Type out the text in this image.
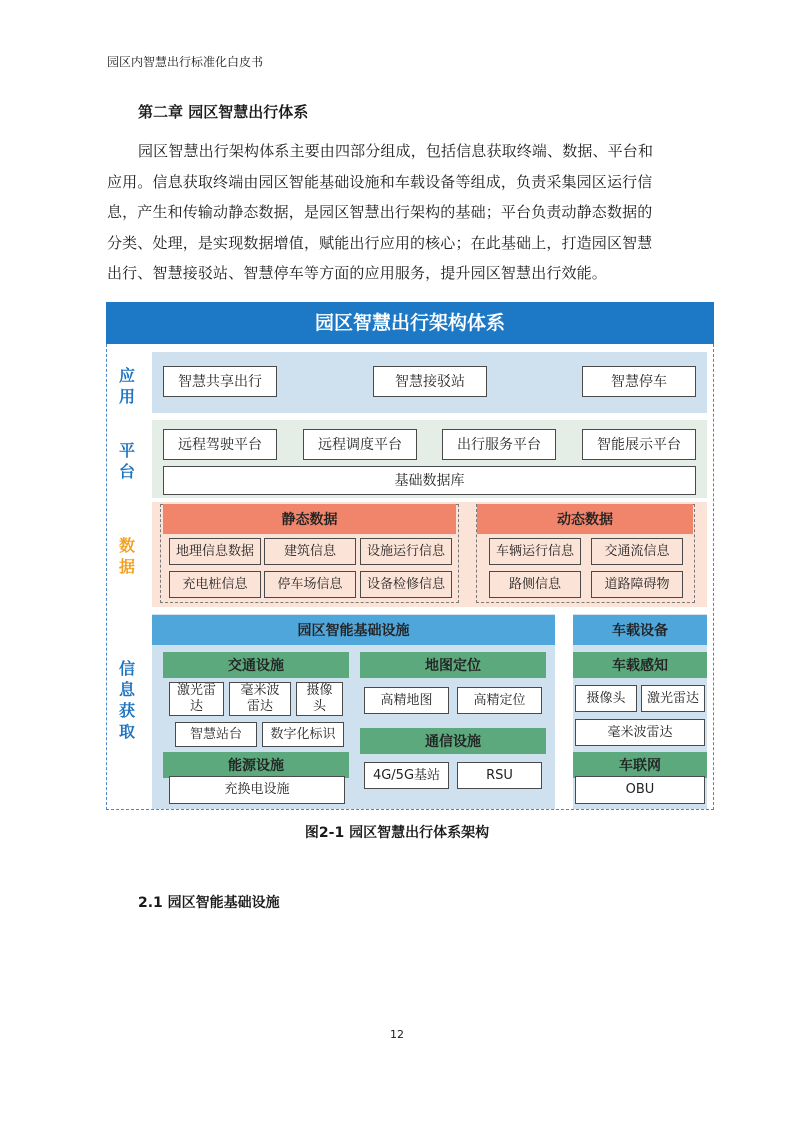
园区内智慧出行标准化白皮书
第二章 园区智慧出行体系
园区智慧出行架构体系主要由四部分组成，包括信息获取终端、数据、平台和
应用。信息获取终端由园区智能基础设施和车载设备等组成，负责采集园区运行信
息，产生和传输动静态数据，是园区智慧出行架构的基础；平台负责动静态数据的
分类、处理，是实现数据增值，赋能出行应用的核心；在此基础上，打造园区智慧
出行、智慧接驳站、智慧停车等方面的应用服务，提升园区智慧出行效能。
园区智慧出行架构体系
应
用
智慧共享出行	智慧接驳站	智慧停车
平
台
远程驾驶平台	远程调度平台	出行服务平台	智能展示平台
基础数据库
数
据
静态数据	动态数据
地理信息数据	建筑信息	设施运行信息
充电桩信息	停车场信息	设备检修信息
车辆运行信息	交通流信息
路侧信息	道路障碍物
信
息
获
取
园区智能基础设施
交通设施
激光雷
达
毫米波
雷达
摄像
头
智慧站台	数字化标识
地图定位
高精地图	高精定位
通信设施
4G/5G基站	RSU
能源设施
充换电设施
车载设备
车载感知
摄像头	激光雷达
毫米波雷达
车联网
OBU
图2-1 园区智慧出行体系架构
2.1 园区智能基础设施
12
